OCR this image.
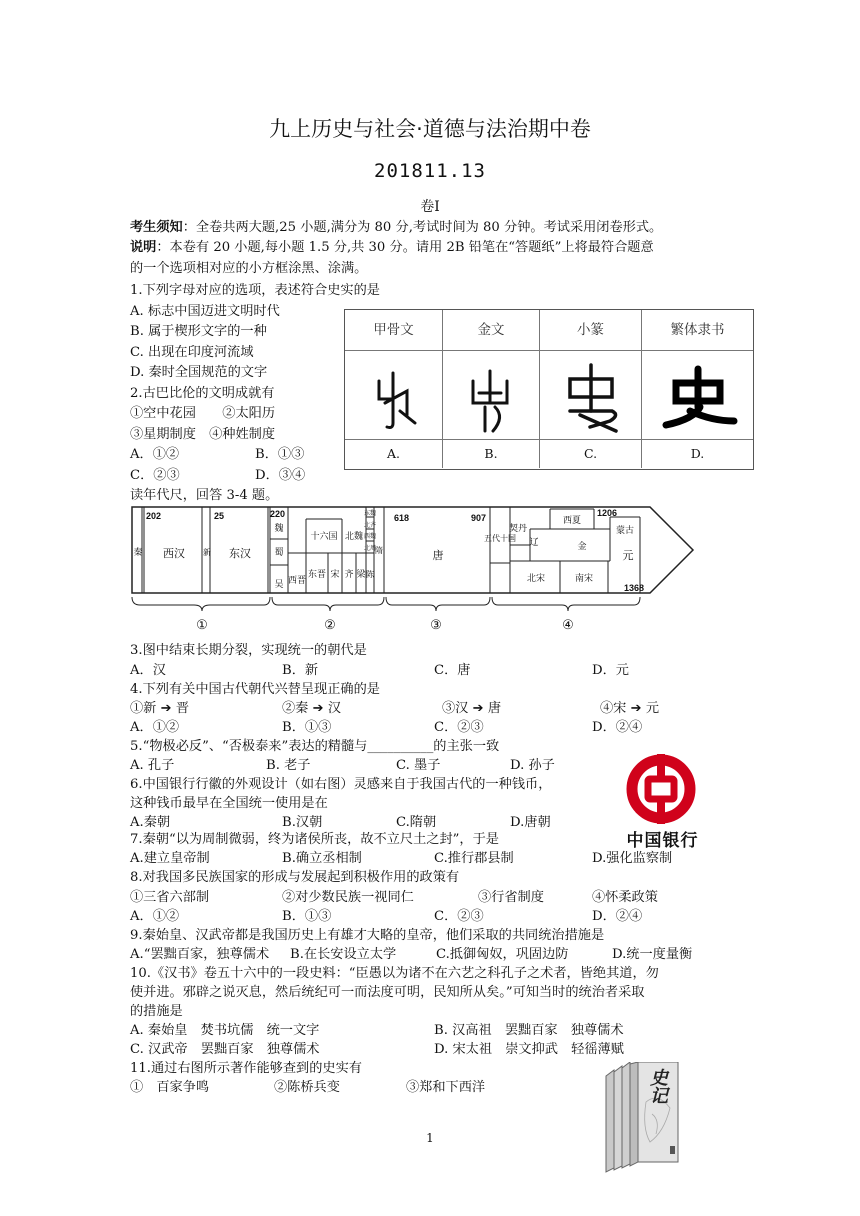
九上历史与社会·道德与法治期中卷
201811.13
卷Ⅰ
考生须知：全卷共两大题,25 小题,满分为 80 分,考试时间为 80 分钟。考试采用闭卷形式。
说明：本卷有 20 小题,每小题 1.5 分,共 30 分。请用 2B 铅笔在“答题纸”上将最符合题意
的一个选项相对应的小方框涂黑、涂满。
1.下列字母对应的选项，表述符合史实的是
A. 标志中国迈进文明时代
B. 属于楔形文字的一种
C. 出现在印度河流域
D. 秦时全国规范的文字
甲骨文	金文	小篆	繁体隶书
A.	B.	C.	D.
2.古巴比伦的文明成就有
①空中花园　　②太阳历
③星期制度　④种姓制度
A．①②	B．①③
C．②③	D．③④
读年代尺，回答 3-4 题。
202	25	220	618	907	1206
1368
秦 西汉 新 东汉
魏
蜀
吴 西晋
十六国
东晋
北魏
宋 齐 梁 陈
东魏
北齐
西魏
北周
隋	唐
五代十国
契丹
辽
西夏
金
北宋	南宋
蒙古
元
①	②	③	④
3.图中结束长期分裂，实现统一的朝代是
A．汉	B．新	C．唐	D．元
4.下列有关中国古代朝代兴替呈现正确的是
①新 ➔ 晋	②秦 ➔ 汉	③汉 ➔ 唐	④宋 ➔ 元
A．①②	B．①③	C．②③	D．②④
5.“物极必反”、“否极泰来”表达的精髓与__________的主张一致
A. 孔子	B. 老子	C. 墨子	D. 孙子
6.中国银行行徽的外观设计（如右图）灵感来自于我国古代的一种钱币，
这种钱币最早在全国统一使用是在
A.秦朝	B.汉朝	C.隋朝	D.唐朝
中国银行
7.秦朝“以为周制微弱，终为诸侯所丧，故不立尺土之封”，于是
A.建立皇帝制	B.确立丞相制	C.推行郡县制	D.强化监察制
8.对我国多民族国家的形成与发展起到积极作用的政策有
①三省六部制	②对少数民族一视同仁	③行省制度	④怀柔政策
A．①②	B．①③	C．②③	D．②④
9.秦始皇、汉武帝都是我国历史上有雄才大略的皇帝，他们采取的共同统治措施是
A.“罢黜百家，独尊儒术 B.在长安设立太学	C.抵御匈奴，巩固边防	D.统一度量衡
10.《汉书》卷五十六中的一段史料：“臣愚以为诸不在六艺之科孔子之术者，皆绝其道，勿
使并进。邪辟之说灭息，然后统纪可一而法度可明，民知所从矣。”可知当时的统治者采取
的措施是
A. 秦始皇　焚书坑儒　统一文字	B. 汉高祖　罢黜百家　独尊儒术
C. 汉武帝　罢黜百家　独尊儒术	D. 宋太祖　崇文抑武　轻徭薄赋
11.通过右图所示著作能够查到的史实有
①　百家争鸣	②陈桥兵变	③郑和下西洋	史记
1
